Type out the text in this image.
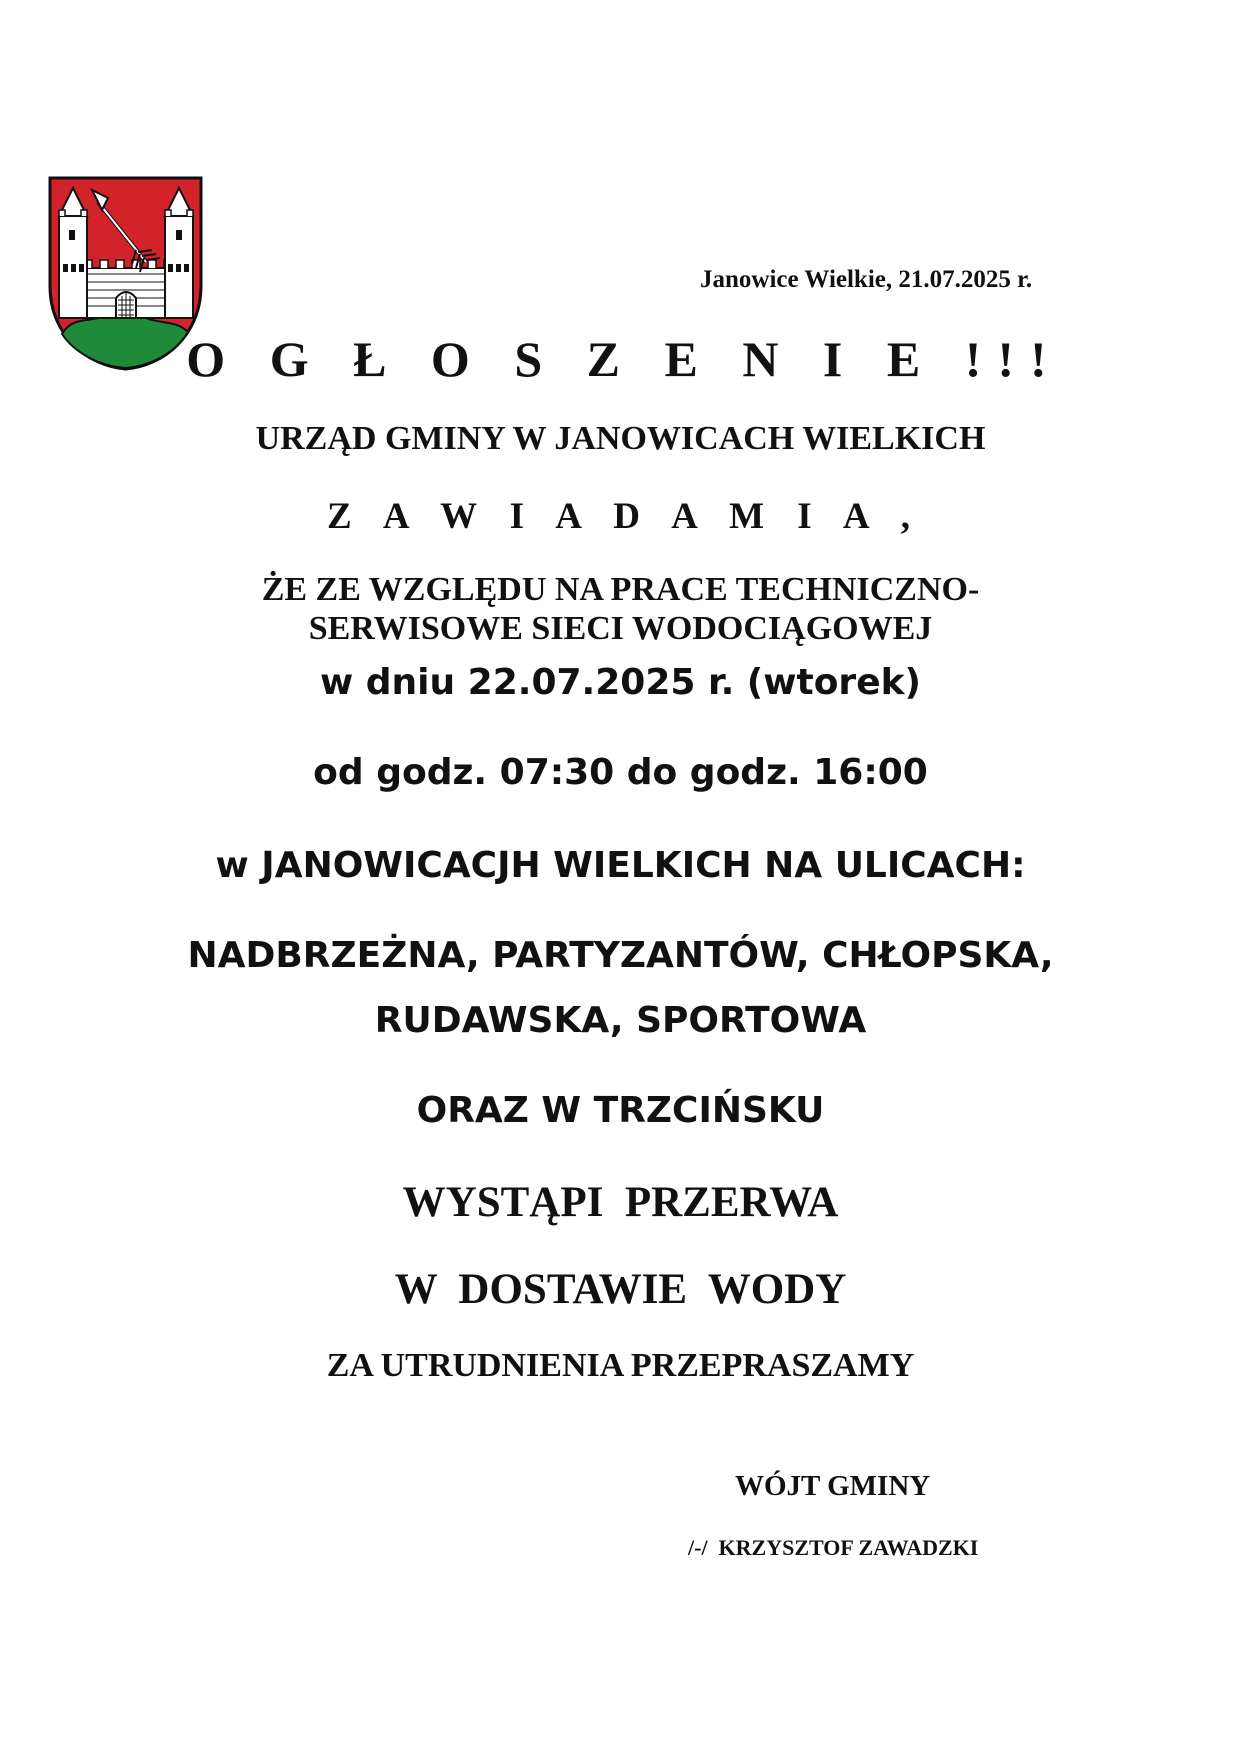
Janowice Wielkie, 21.07.2025 r.
O G Ł O S Z E N I E !!!
URZĄD GMINY W JANOWICACH WIELKICH
Z A W I A D A M I A ,
ŻE ZE WZGLĘDU NA PRACE TECHNICZNO-
SERWISOWE SIECI WODOCIĄGOWEJ
w dniu 22.07.2025 r. (wtorek)
od godz. 07:30 do godz. 16:00
w JANOWICACJH WIELKICH NA ULICACH:
NADBRZEŻNA, PARTYZANTÓW, CHŁOPSKA,
RUDAWSKA, SPORTOWA
ORAZ W TRZCIŃSKU
WYSTĄPI  PRZERWA
W  DOSTAWIE  WODY
ZA UTRUDNIENIA PRZEPRASZAMY
WÓJT GMINY
/-/  KRZYSZTOF ZAWADZKI
